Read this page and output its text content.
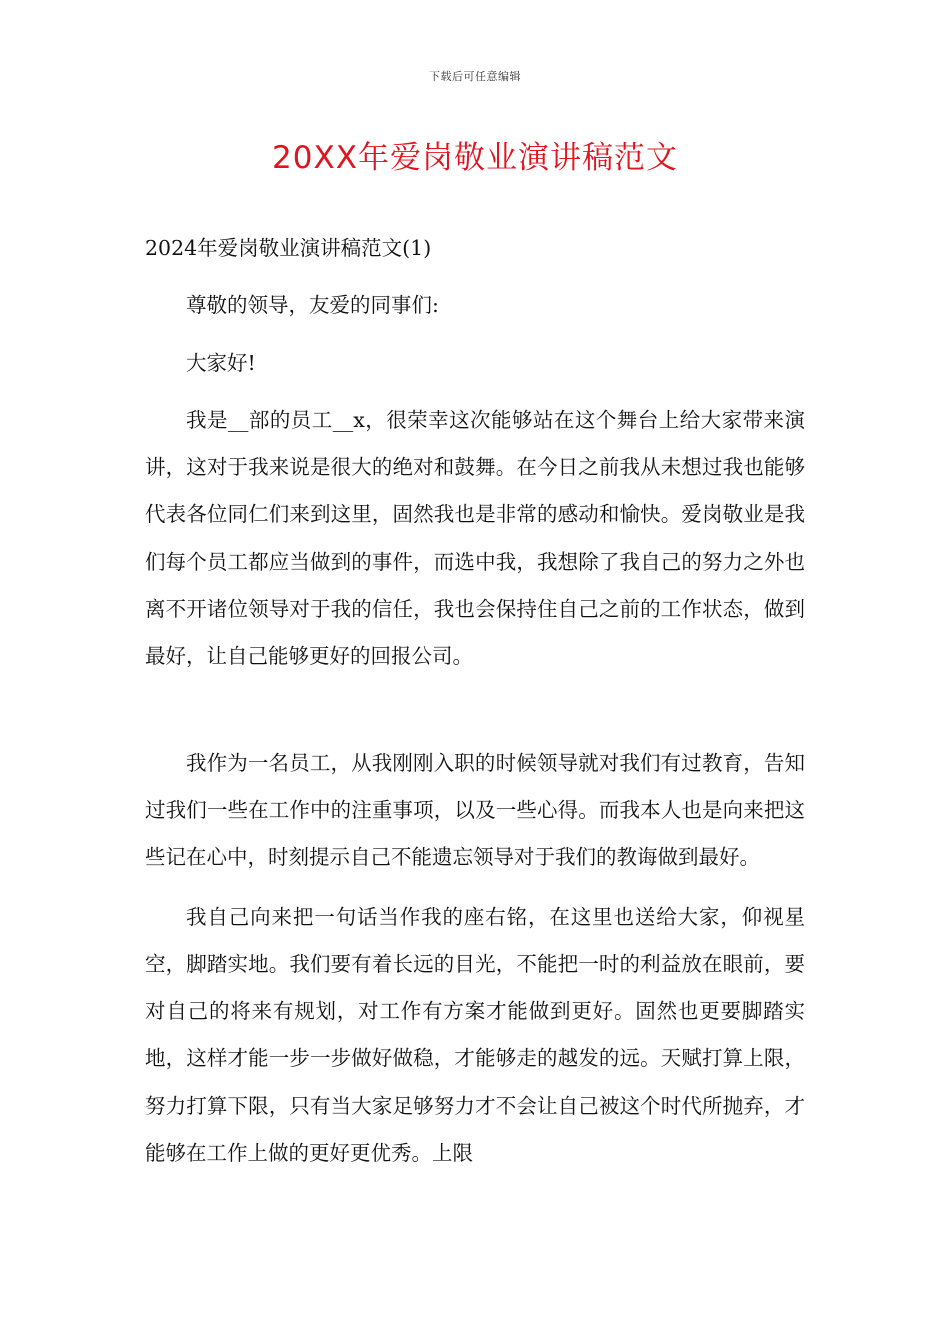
下载后可任意编辑
20XX年爱岗敬业演讲稿范文

2024年爱岗敬业演讲稿范文(1)

尊敬的领导，友爱的同事们:

大家好!

我是__部的员工__x，很荣幸这次能够站在这个舞台上给大家带来演讲，这对于我来说是很大的绝对和鼓舞。在今日之前我从未想过我也能够代表各位同仁们来到这里，固然我也是非常的感动和愉快。爱岗敬业是我们每个员工都应当做到的事件，而选中我，我想除了我自己的努力之外也离不开诸位领导对于我的信任，我也会保持住自己之前的工作状态，做到最好，让自己能够更好的回报公司。

我作为一名员工，从我刚刚入职的时候领导就对我们有过教育，告知过我们一些在工作中的注重事项，以及一些心得。而我本人也是向来把这些记在心中，时刻提示自己不能遗忘领导对于我们的教诲做到最好。

我自己向来把一句话当作我的座右铭，在这里也送给大家，仰视星空，脚踏实地。我们要有着长远的目光，不能把一时的利益放在眼前，要对自己的将来有规划，对工作有方案才能做到更好。固然也更要脚踏实地，这样才能一步一步做好做稳，才能够走的越发的远。天赋打算上限，努力打算下限，只有当大家足够努力才不会让自己被这个时代所抛弃，才能够在工作上做的更好更优秀。上限
